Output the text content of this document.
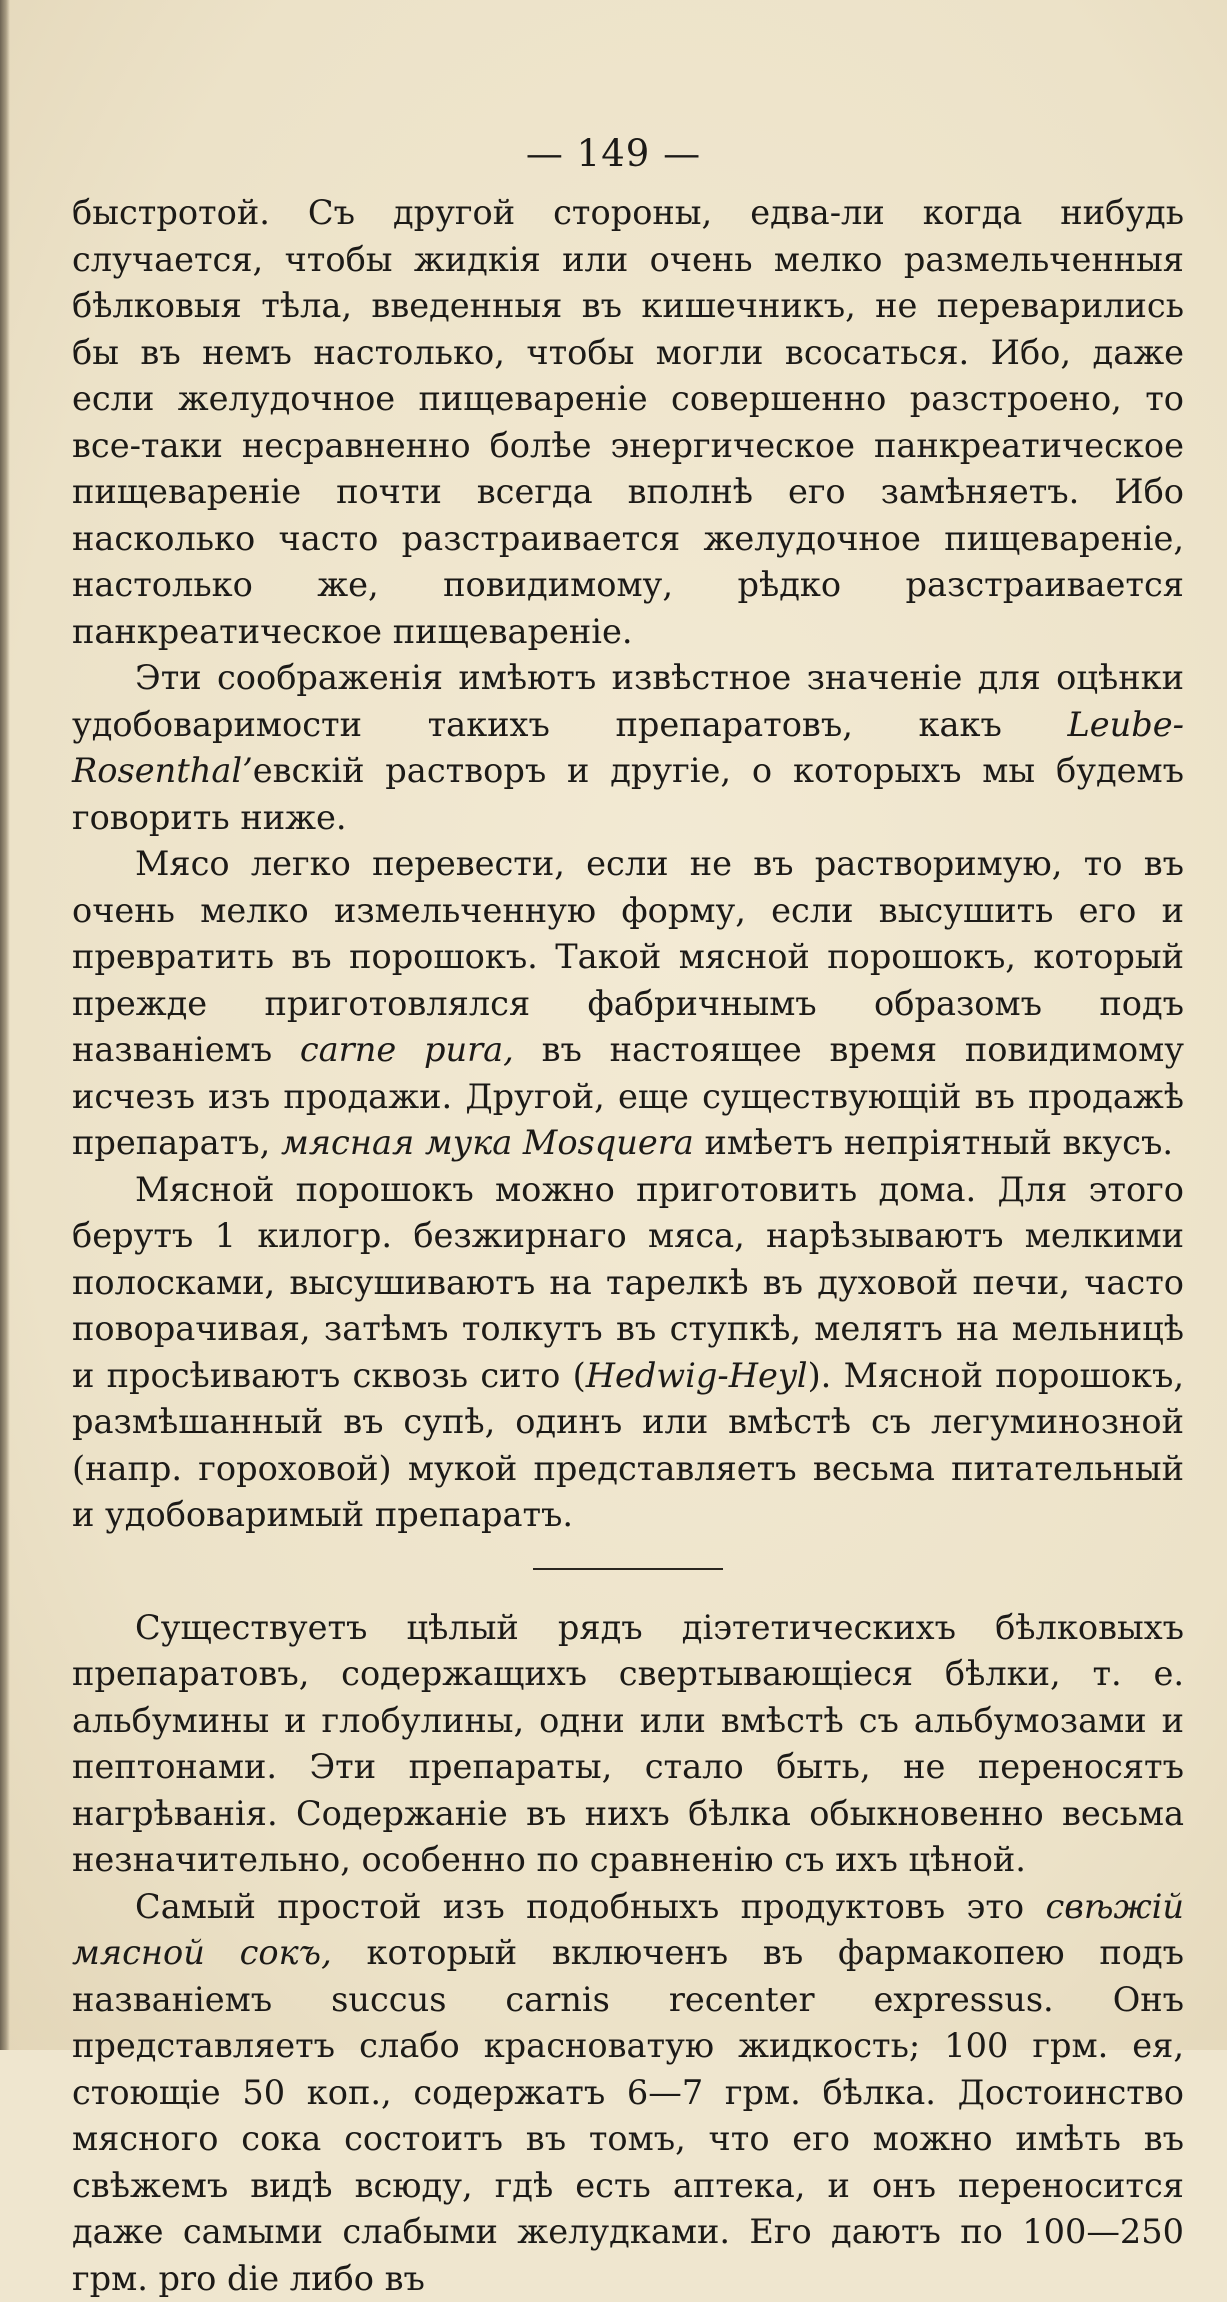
— 149 —

быстротой. Съ другой стороны, едва-ли когда нибудь случается, чтобы жидкія или очень мелко размельченныя бѣлковыя тѣла, введенныя въ кишечникъ, не переварились бы въ немъ настолько, чтобы могли всосаться. Ибо, даже если желудочное пищевареніе совершенно разстроено, то все-таки несравненно болѣе энергическое панкреатическое пищевареніе почти всегда вполнѣ его замѣняетъ. Ибо насколько часто разстраивается желудочное пищевареніе, настолько же, повидимому, рѣдко разстраивается панкреатическое пищевареніе.

Эти соображенія имѣютъ извѣстное значеніе для оцѣнки удобоваримости такихъ препаратовъ, какъ Leube-Rosenthal’евскій растворъ и другіе, о которыхъ мы будемъ говорить ниже.

Мясо легко перевести, если не въ растворимую, то въ очень мелко измельченную форму, если высушить его и превратить въ порошокъ. Такой мясной порошокъ, который прежде приготовлялся фабричнымъ образомъ подъ названіемъ carne pura, въ настоящее время повидимому исчезъ изъ продажи. Другой, еще существующій въ продажѣ препаратъ, мясная мука Mosquera имѣетъ непріятный вкусъ.

Мясной порошокъ можно приготовить дома. Для этого берутъ 1 килогр. безжирнаго мяса, нарѣзываютъ мелкими полосками, высушиваютъ на тарелкѣ въ духовой печи, часто поворачивая, затѣмъ толкутъ въ ступкѣ, мелятъ на мельницѣ и просѣиваютъ сквозь сито (Hedwig-Heyl). Мясной порошокъ, размѣшанный въ супѣ, одинъ или вмѣстѣ съ легуминозной (напр. гороховой) мукой представляетъ весьма питательный и удобоваримый препаратъ.

Существуетъ цѣлый рядъ діэтетическихъ бѣлковыхъ препаратовъ, содержащихъ свертывающіеся бѣлки, т. е. альбумины и глобулины, одни или вмѣстѣ съ альбумозами и пептонами. Эти препараты, стало быть, не переносятъ нагрѣванія. Содержаніе въ нихъ бѣлка обыкновенно весьма незначительно, особенно по сравненію съ ихъ цѣной.

Самый простой изъ подобныхъ продуктовъ это свѣжій мясной сокъ, который включенъ въ фармакопею подъ названіемъ succus carnis recenter expressus. Онъ представляетъ слабо красноватую жидкость; 100 грм. ея, стоющіе 50 коп., содержатъ 6—7 грм. бѣлка. Достоинство мясного сока состоитъ въ томъ, что его можно имѣть въ свѣжемъ видѣ всюду, гдѣ есть аптека, и онъ переносится даже самыми слабыми желудками. Его даютъ по 100—250 грм. pro die либо въ
